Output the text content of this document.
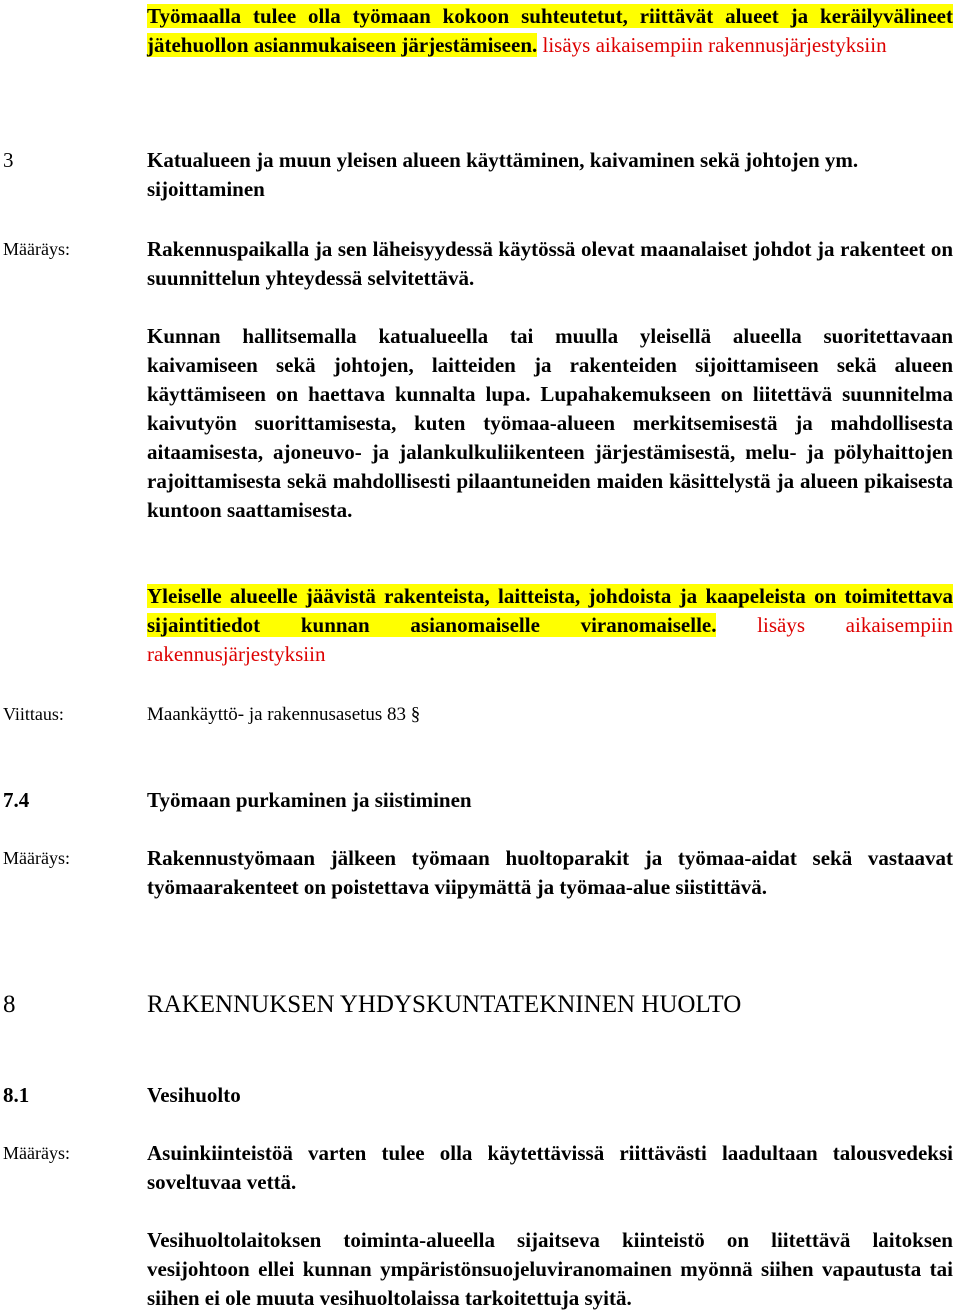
Työmaalla tulee olla työmaan kokoon suhteutetut, riittävät alueet ja keräilyvälineet jätehuollon asianmukaiseen järjestämiseen. lisäys aikaisempiin rakennusjärjestyksiin
3	Katualueen ja muun yleisen alueen käyttäminen, kaivaminen sekä johtojen ym. sijoittaminen
Määräys:	Rakennuspaikalla ja sen läheisyydessä käytössä olevat maanalaiset johdot ja rakenteet on suunnittelun yhteydessä selvitettävä.
Kunnan hallitsemalla katualueella tai muulla yleisellä alueella suoritettavaan kaivamiseen sekä johtojen, laitteiden ja rakenteiden sijoittamiseen sekä alueen käyttämiseen on haettava kunnalta lupa. Lupahakemukseen on liitettävä suunnitelma kaivutyön suorittamisesta, kuten työmaa-alueen merkitsemisestä ja mahdollisesta aitaamisesta, ajoneuvo- ja jalankulkuliikenteen järjestämisestä, melu- ja pölyhaittojen rajoittamisesta sekä mahdollisesti pilaantuneiden maiden käsittelystä ja alueen pikaisesta kuntoon saattamisesta.
Yleiselle alueelle jäävistä rakenteista, laitteista, johdoista ja kaapeleista on toimitettava sijaintitiedot kunnan asianomaiselle viranomaiselle. lisäys aikaisempiin rakennusjärjestyksiin
Viittaus:	Maankäyttö- ja rakennusasetus 83 §
7.4	Työmaan purkaminen ja siistiminen
Määräys:	Rakennustyömaan jälkeen työmaan huoltoparakit ja työmaa-aidat sekä vastaavat työmaarakenteet on poistettava viipymättä ja työmaa-alue siistittävä.
8	RAKENNUKSEN YHDYSKUNTATEKNINEN HUOLTO
8.1	Vesihuolto
Määräys:	Asuinkiinteistöä varten tulee olla käytettävissä riittävästi laadultaan talousvedeksi soveltuvaa vettä.
Vesihuoltolaitoksen toiminta-alueella sijaitseva kiinteistö on liitettävä laitoksen vesijohtoon ellei kunnan ympäristönsuojeluviranomainen myönnä siihen vapautusta tai siihen ei ole muuta vesihuoltolaissa tarkoitettuja syitä.
